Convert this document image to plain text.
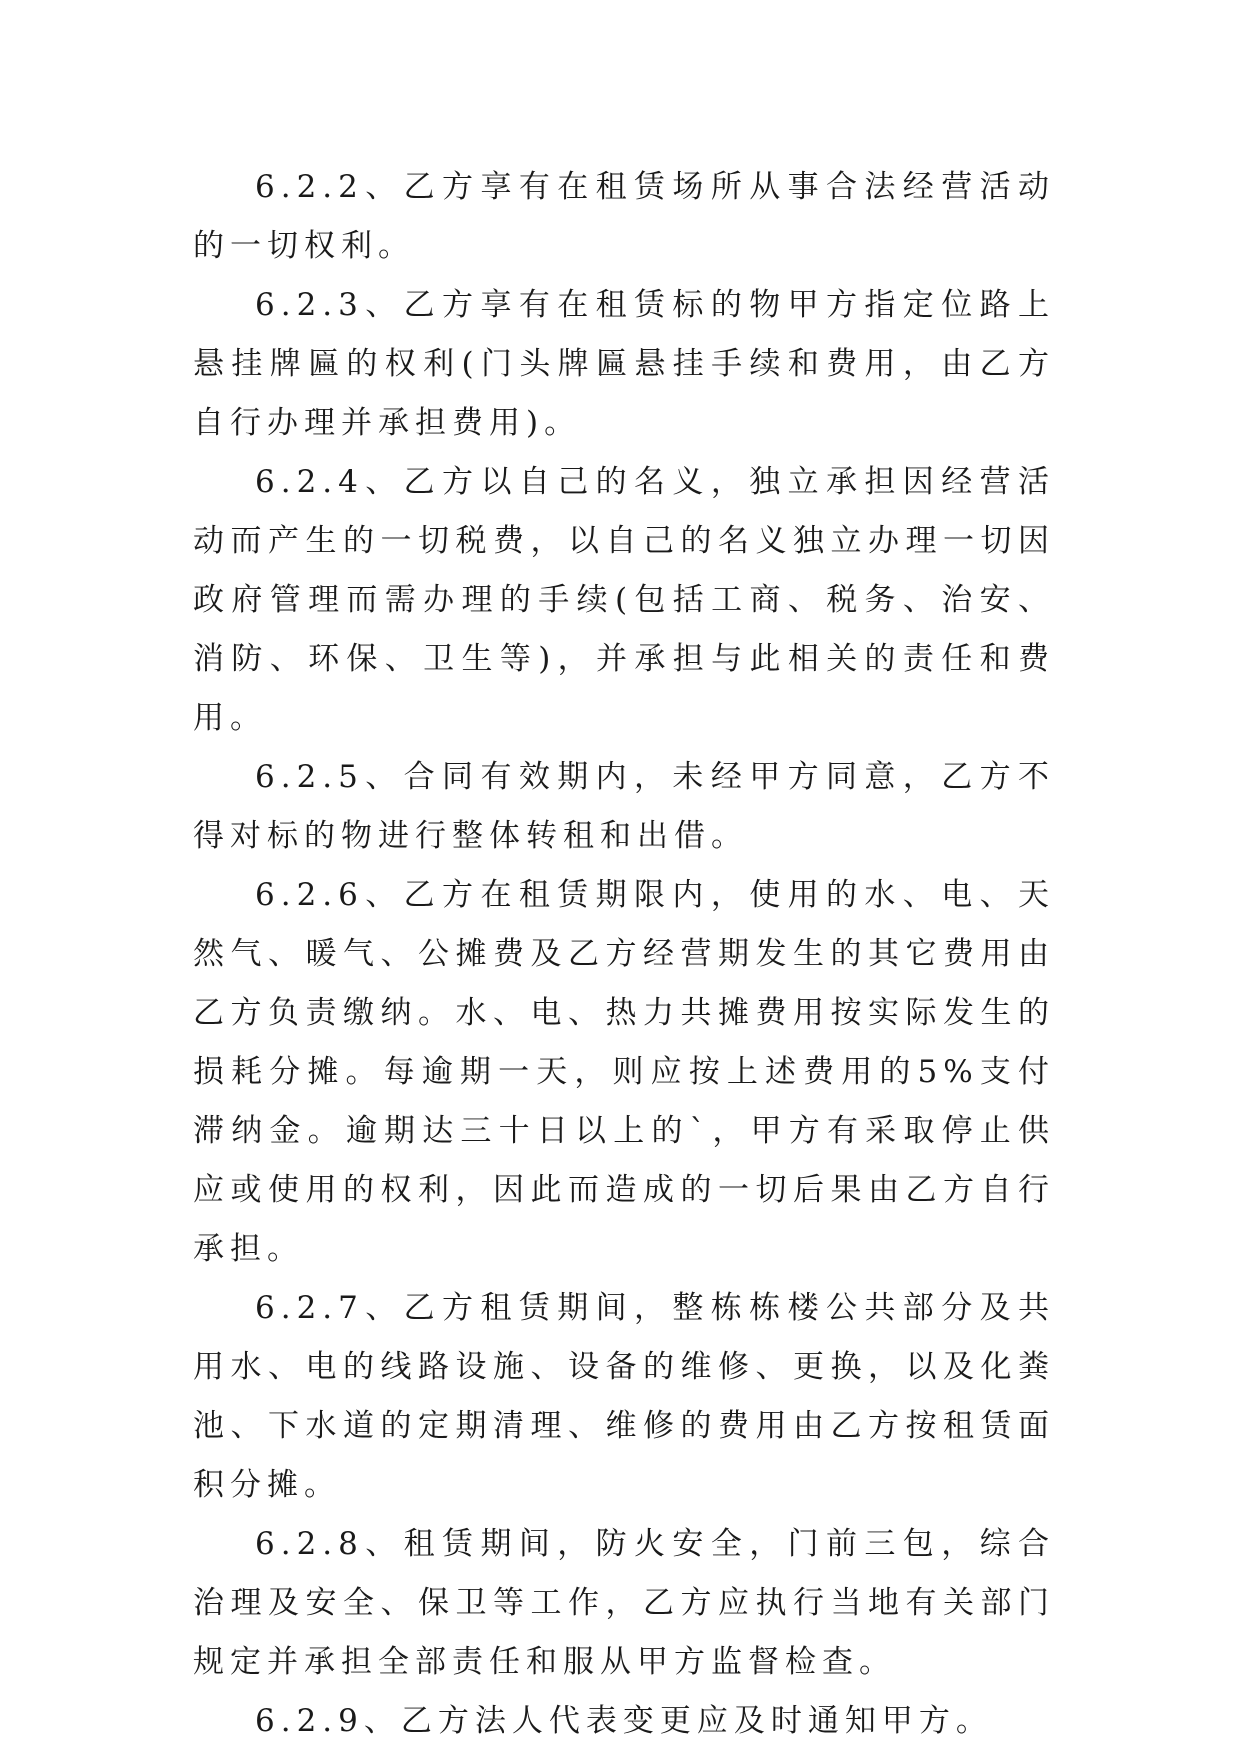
6.2.2、乙方享有在租赁场所从事合法经营活动的一切权利。

6.2.3、乙方享有在租赁标的物甲方指定位路上悬挂牌匾的权利(门头牌匾悬挂手续和费用，由乙方自行办理并承担费用)。

6.2.4、乙方以自己的名义，独立承担因经营活动而产生的一切税费，以自己的名义独立办理一切因政府管理而需办理的手续(包括工商、税务、治安、消防、环保、卫生等)，并承担与此相关的责任和费用。

6.2.5、合同有效期内，未经甲方同意，乙方不得对标的物进行整体转租和出借。

6.2.6、乙方在租赁期限内，使用的水、电、天然气、暖气、公摊费及乙方经营期发生的其它费用由乙方负责缴纳。水、电、热力共摊费用按实际发生的损耗分摊。每逾期一天，则应按上述费用的5%支付滞纳金。逾期达三十日以上的`，甲方有采取停止供应或使用的权利，因此而造成的一切后果由乙方自行承担。

6.2.7、乙方租赁期间，整栋栋楼公共部分及共用水、电的线路设施、设备的维修、更换，以及化粪池、下水道的定期清理、维修的费用由乙方按租赁面积分摊。

6.2.8、租赁期间，防火安全，门前三包，综合治理及安全、保卫等工作，乙方应执行当地有关部门规定并承担全部责任和服从甲方监督检查。

6.2.9、乙方法人代表变更应及时通知甲方。
